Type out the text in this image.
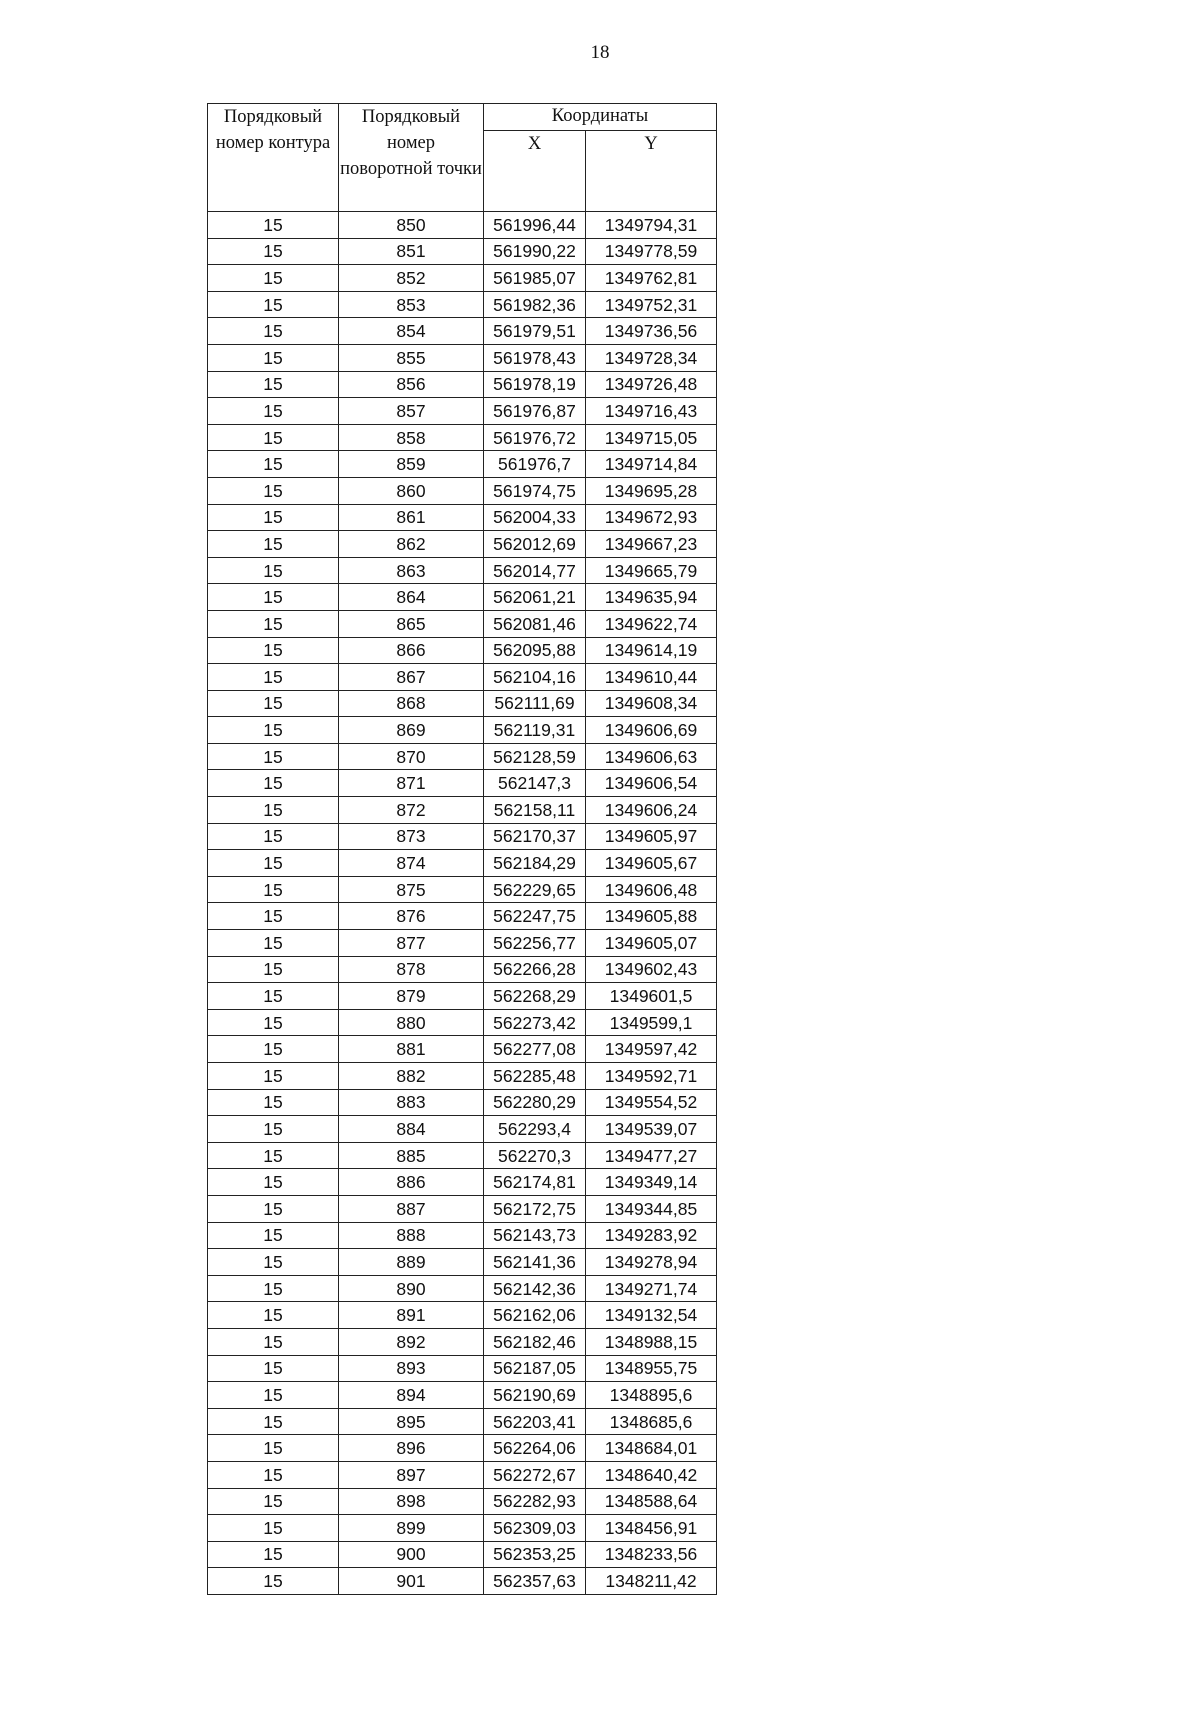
18
Порядковый номер контура	Порядковый номер поворотной точки	Координаты	
		X	Y
15	850	561996,44	1349794,31
15	851	561990,22	1349778,59
15	852	561985,07	1349762,81
15	853	561982,36	1349752,31
15	854	561979,51	1349736,56
15	855	561978,43	1349728,34
15	856	561978,19	1349726,48
15	857	561976,87	1349716,43
15	858	561976,72	1349715,05
15	859	561976,7	1349714,84
15	860	561974,75	1349695,28
15	861	562004,33	1349672,93
15	862	562012,69	1349667,23
15	863	562014,77	1349665,79
15	864	562061,21	1349635,94
15	865	562081,46	1349622,74
15	866	562095,88	1349614,19
15	867	562104,16	1349610,44
15	868	562111,69	1349608,34
15	869	562119,31	1349606,69
15	870	562128,59	1349606,63
15	871	562147,3	1349606,54
15	872	562158,11	1349606,24
15	873	562170,37	1349605,97
15	874	562184,29	1349605,67
15	875	562229,65	1349606,48
15	876	562247,75	1349605,88
15	877	562256,77	1349605,07
15	878	562266,28	1349602,43
15	879	562268,29	1349601,5
15	880	562273,42	1349599,1
15	881	562277,08	1349597,42
15	882	562285,48	1349592,71
15	883	562280,29	1349554,52
15	884	562293,4	1349539,07
15	885	562270,3	1349477,27
15	886	562174,81	1349349,14
15	887	562172,75	1349344,85
15	888	562143,73	1349283,92
15	889	562141,36	1349278,94
15	890	562142,36	1349271,74
15	891	562162,06	1349132,54
15	892	562182,46	1348988,15
15	893	562187,05	1348955,75
15	894	562190,69	1348895,6
15	895	562203,41	1348685,6
15	896	562264,06	1348684,01
15	897	562272,67	1348640,42
15	898	562282,93	1348588,64
15	899	562309,03	1348456,91
15	900	562353,25	1348233,56
15	901	562357,63	1348211,42
